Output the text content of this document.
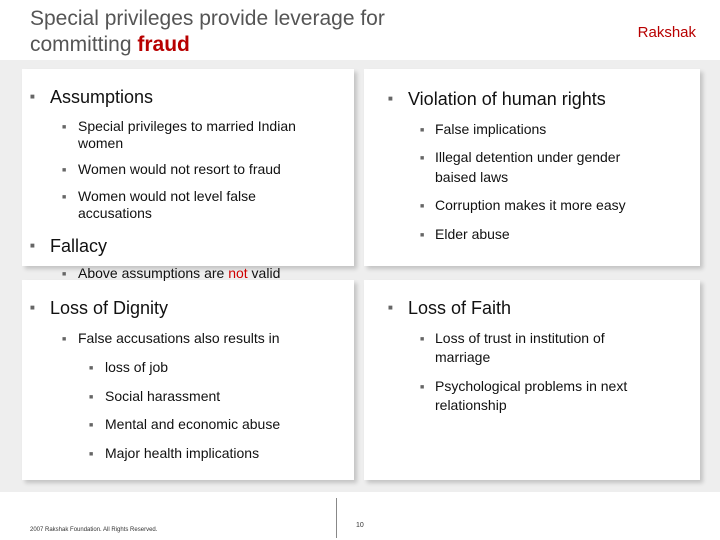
Special privileges provide leverage for
committing fraud
Rakshak
■ Assumptions
■ Special privileges to married Indian
women
■ Women would not resort to fraud
■ Women would not level false
accusations
■ Fallacy
■ Above assumptions are not valid
■ Violation of human rights
■ False implications
■ Illegal detention under gender
baised laws
■ Corruption makes it more easy
■ Elder abuse
■ Loss of Dignity
■ False accusations also results in
■ loss of job
■ Social harassment
■ Mental and economic abuse
■ Major health implications
■ Loss of Faith
■ Loss of trust in institution of
marriage
■ Psychological problems in next
relationship
2007 Rakshak Foundation. All Rights Reserved.
10
